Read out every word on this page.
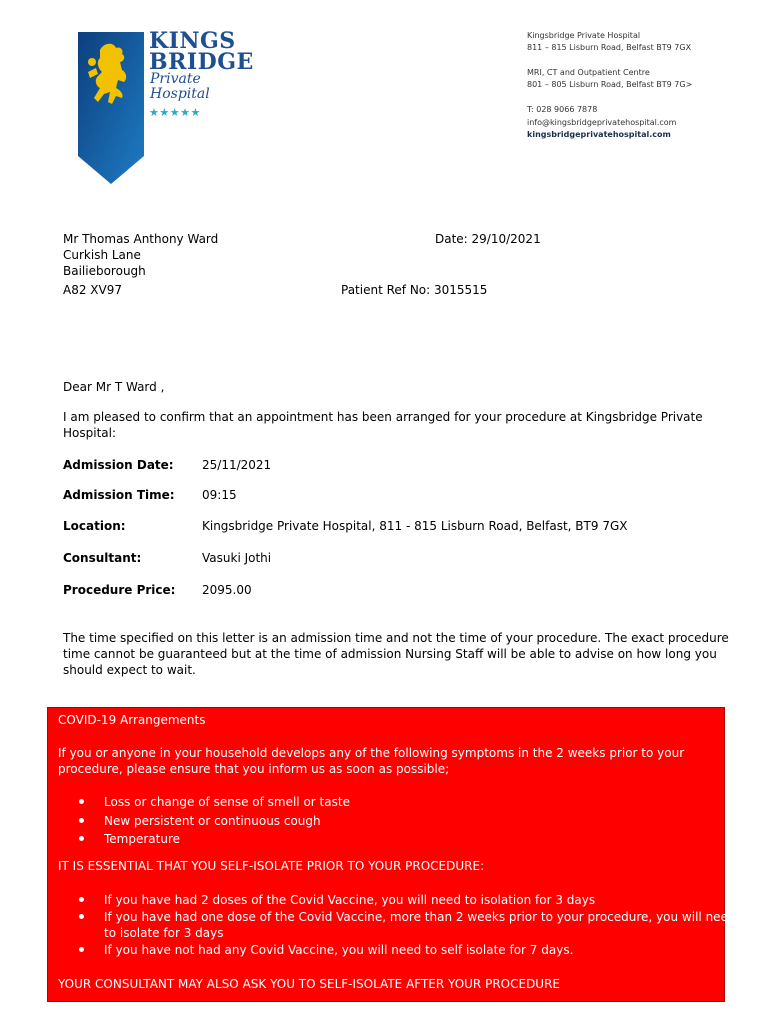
KINGS
BRIDGE
Private
Hospital
★★★★★
Kingsbridge Private Hospital
811 – 815 Lisburn Road, Belfast BT9 7GX
MRI, CT and Outpatient Centre
801 – 805 Lisburn Road, Belfast BT9 7G>
T: 028 9066 7878
info@kingsbridgeprivatehospital.com
kingsbridgeprivatehospital.com
Mr Thomas Anthony Ward
Curkish Lane
Bailieborough
A82 XV97
Date: 29/10/2021
Patient Ref No: 3015515
Dear Mr T Ward ,
I am pleased to confirm that an appointment has been arranged for your procedure at Kingsbridge Private
Hospital:
Admission Date: 25/11/2021
Admission Time: 09:15
Location:	Kingsbridge Private Hospital, 811 - 815 Lisburn Road, Belfast, BT9 7GX
Consultant:	Vasuki Jothi
Procedure Price: 2095.00
The time specified on this letter is an admission time and not the time of your procedure. The exact procedure
time cannot be guaranteed but at the time of admission Nursing Staff will be able to advise on how long you
should expect to wait.
COVID-19 Arrangements
If you or anyone in your household develops any of the following symptoms in the 2 weeks prior to your
procedure, please ensure that you inform us as soon as possible;
Loss or change of sense of smell or taste
New persistent or continuous cough
Temperature
IT IS ESSENTIAL THAT YOU SELF-ISOLATE PRIOR TO YOUR PROCEDURE:
If you have had 2 doses of the Covid Vaccine, you will need to isolation for 3 days
If you have had one dose of the Covid Vaccine, more than 2 weeks prior to your procedure, you will need
to isolate for 3 days
If you have not had any Covid Vaccine, you will need to self isolate for 7 days.
YOUR CONSULTANT MAY ALSO ASK YOU TO SELF-ISOLATE AFTER YOUR PROCEDURE
